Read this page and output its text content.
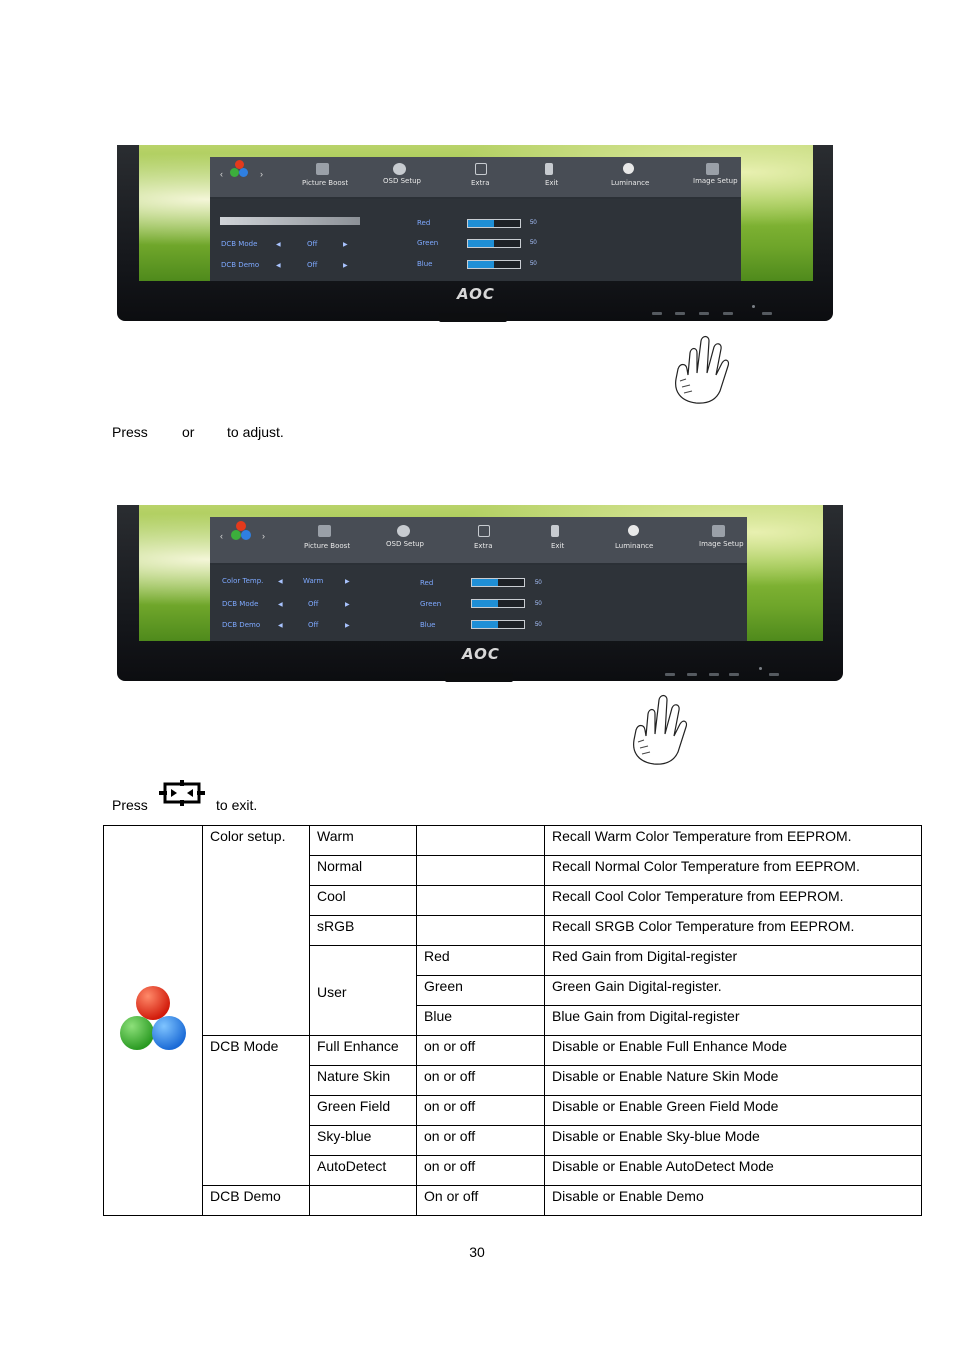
‹	›
Picture Boost	OSD Setup	Extra	Exit	Luminance	Image Setup
DCB Mode	◀	Off	▶
DCB Demo	◀	Off	▶
Red	50
Green	50
Blue	50
AOC
Press or to adjust.
‹	›
Picture Boost	OSD Setup	Extra	Exit	Luminance	Image Setup
Color Temp. ◀	Warm	▶
DCB Mode	◀	Off	▶
DCB Demo	◀	Off	▶
Red	50
Green	50
Blue	50
AOC
Press	to exit.
	Color setup.	Warm		Recall Warm Color Temperature from EEPROM.
		Normal		Recall Normal Color Temperature from EEPROM.
		Cool		Recall Cool Color Temperature from EEPROM.
		sRGB		Recall SRGB Color Temperature from EEPROM.
		User	Red	Red Gain from Digital-register
			Green	Green Gain Digital-register.
			Blue	Blue Gain from Digital-register
	DCB Mode	Full Enhance	on or off	Disable or Enable Full Enhance Mode
		Nature Skin	on or off	Disable or Enable Nature Skin Mode
		Green Field	on or off	Disable or Enable Green Field Mode
		Sky-blue	on or off	Disable or Enable Sky-blue Mode
		AutoDetect	on or off	Disable or Enable AutoDetect Mode
	DCB Demo		On or off	Disable or Enable Demo
30
